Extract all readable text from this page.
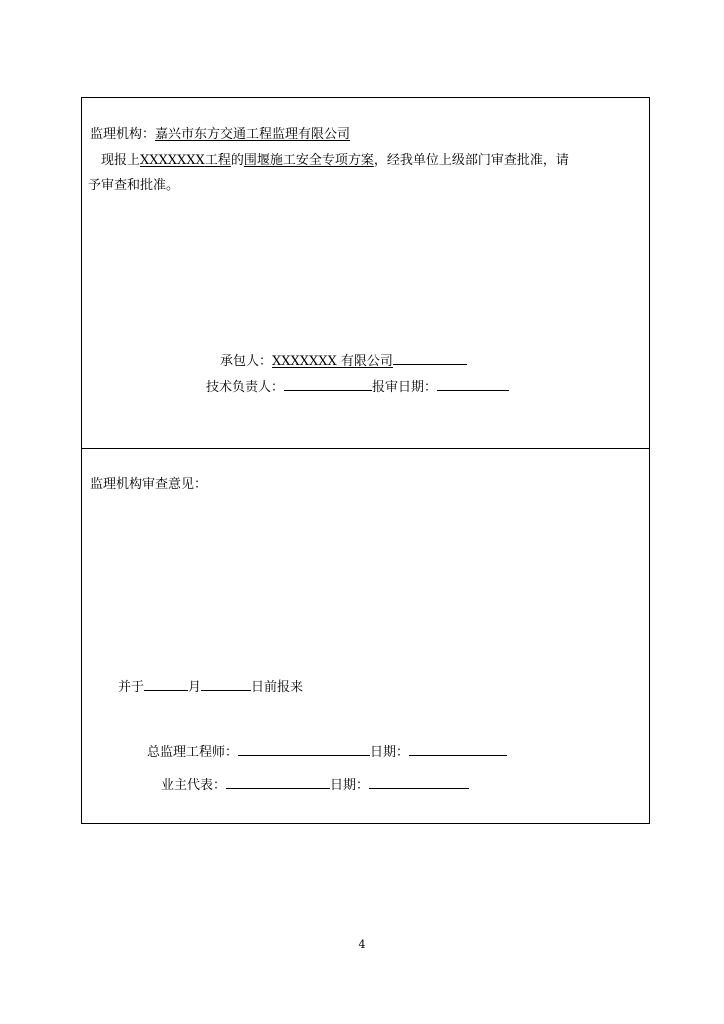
监理机构：嘉兴市东方交通工程监理有限公司
现报上XXXXXXX工程的围堰施工安全专项方案，经我单位上级部门审查批准，请
予审查和批准。
承包人：XXXXXXX 有限公司
技术负责人：	报审日期：
监理机构审查意见：
并于	月	日前报来
总监理工程师：	日期：
业主代表：	日期：
4
